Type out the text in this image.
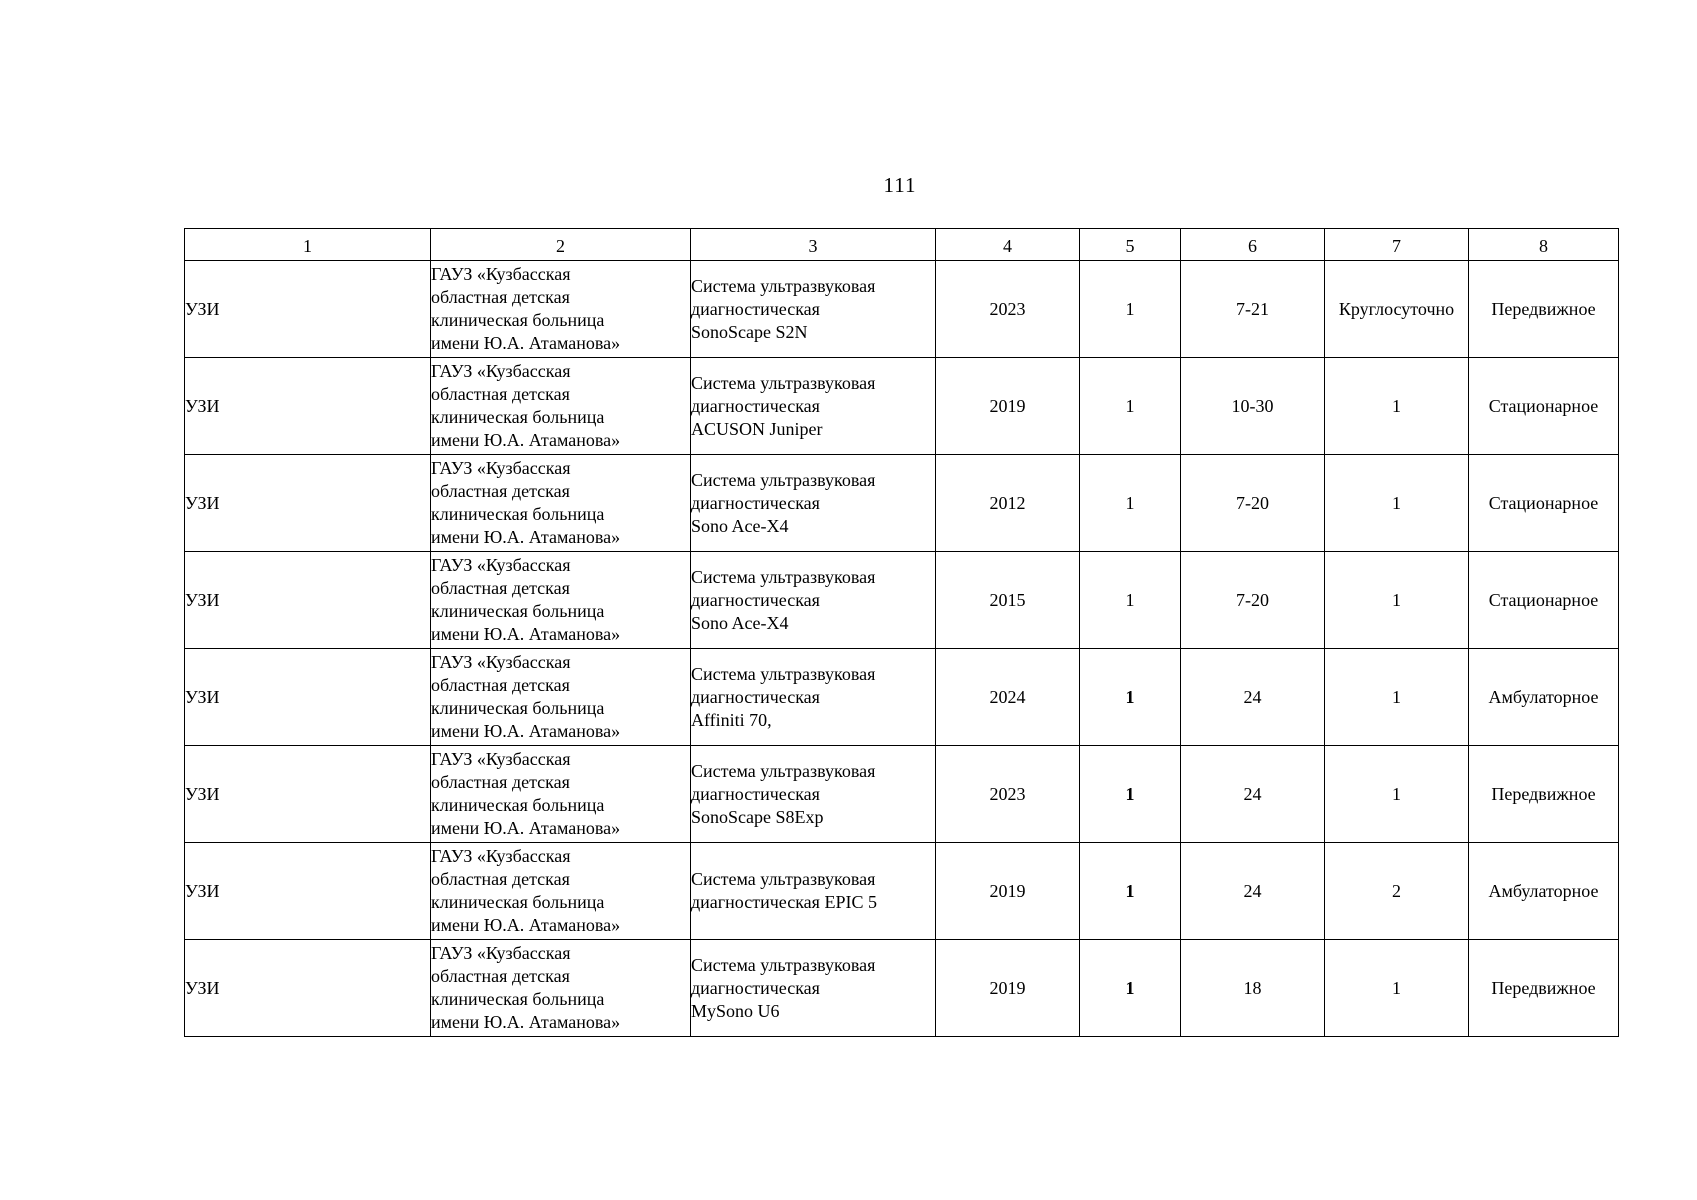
111
1	2	3	4	5	6	7	8
УЗИ	ГАУЗ «Кузбасская
областная детская
клиническая больница
имени Ю.А. Атаманова»	Система ультразвуковая
диагностическая
SonoScape S2N	2023	1	7-21	Круглосуточно	Передвижное
УЗИ	ГАУЗ «Кузбасская
областная детская
клиническая больница
имени Ю.А. Атаманова»	Система ультразвуковая
диагностическая
ACUSON Juniper	2019	1	10-30	1	Стационарное
УЗИ	ГАУЗ «Кузбасская
областная детская
клиническая больница
имени Ю.А. Атаманова»	Система ультразвуковая
диагностическая
Sono Ace-X4	2012	1	7-20	1	Стационарное
УЗИ	ГАУЗ «Кузбасская
областная детская
клиническая больница
имени Ю.А. Атаманова»	Система ультразвуковая
диагностическая
Sono Ace-X4	2015	1	7-20	1	Стационарное
УЗИ	ГАУЗ «Кузбасская
областная детская
клиническая больница
имени Ю.А. Атаманова»	Система ультразвуковая
диагностическая
Affiniti 70,	2024	1	24	1	Амбулаторное
УЗИ	ГАУЗ «Кузбасская
областная детская
клиническая больница
имени Ю.А. Атаманова»	Система ультразвуковая
диагностическая
SonoScape S8Exp	2023	1	24	1	Передвижное
УЗИ	ГАУЗ «Кузбасская
областная детская
клиническая больница
имени Ю.А. Атаманова»	Система ультразвуковая
диагностическая EPIC 5	2019	1	24	2	Амбулаторное
УЗИ	ГАУЗ «Кузбасская
областная детская
клиническая больница
имени Ю.А. Атаманова»	Система ультразвуковая
диагностическая
MySono U6	2019	1	18	1	Передвижное
